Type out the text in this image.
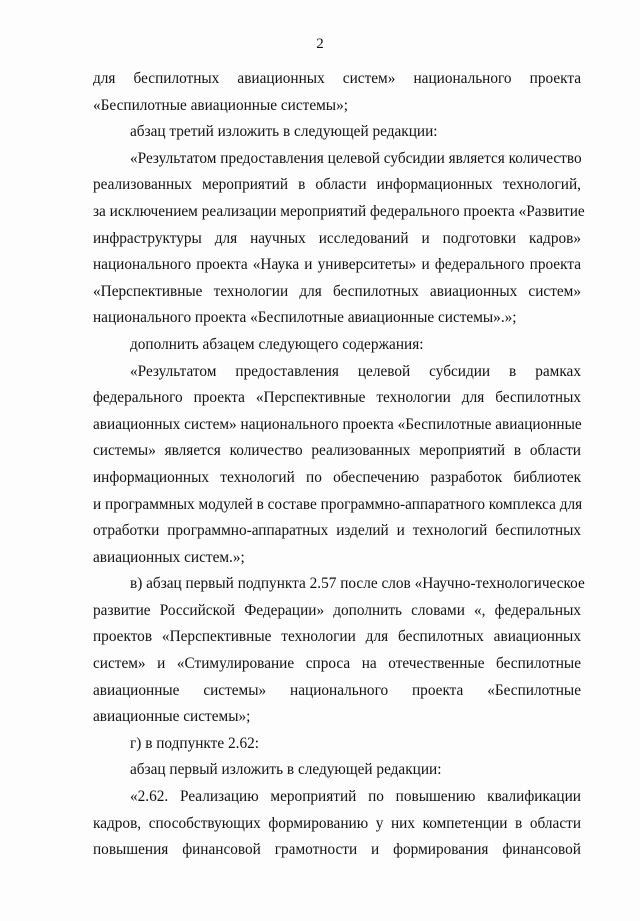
2
для беспилотных авиационных систем» национального проекта
«Беспилотные авиационные системы»;
абзац третий изложить в следующей редакции:
«Результатом предоставления целевой субсидии является количество
реализованных мероприятий в области информационных технологий,
за исключением реализации мероприятий федерального проекта «Развитие
инфраструктуры для научных исследований и подготовки кадров»
национального проекта «Наука и университеты» и федерального проекта
«Перспективные технологии для беспилотных авиационных систем»
национального проекта «Беспилотные авиационные системы».»;
дополнить абзацем следующего содержания:
«Результатом предоставления целевой субсидии в рамках
федерального проекта «Перспективные технологии для беспилотных
авиационных систем» национального проекта «Беспилотные авиационные
системы» является количество реализованных мероприятий в области
информационных технологий по обеспечению разработок библиотек
и программных модулей в составе программно-аппаратного комплекса для
отработки программно-аппаратных изделий и технологий беспилотных
авиационных систем.»;
в) абзац первый подпункта 2.57 после слов «Научно-технологическое
развитие Российской Федерации» дополнить словами «, федеральных
проектов «Перспективные технологии для беспилотных авиационных
систем» и «Стимулирование спроса на отечественные беспилотные
авиационные системы» национального проекта «Беспилотные
авиационные системы»;
г) в подпункте 2.62:
абзац первый изложить в следующей редакции:
«2.62. Реализацию мероприятий по повышению квалификации
кадров, способствующих формированию у них компетенции в области
повышения финансовой грамотности и формирования финансовой
